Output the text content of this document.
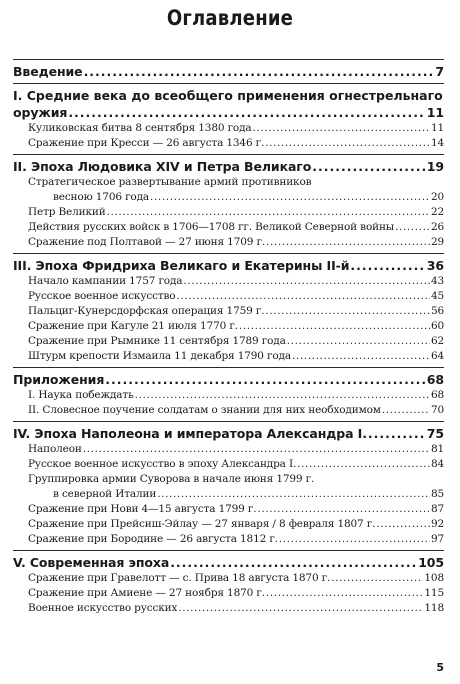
Оглавление
Введение .....	7
I. Средние века до всеобщего применения огнестрельнаго
оружия .....	11
Куликовская битва 8 сентября 1380 года .....	11
Сражение при Кресси — 26 августа 1346 г. .....	14
II. Эпоха Людовика XIV и Петра Великаго .....	19
Стратегическое развертывание армий противников
весною 1706 года .....	20
Петр Великий .....	22
Действия русских войск в 1706—1708 гг. Великой Северной войны .....	26
Сражение под Полтавой — 27 июня 1709 г. .....	29
III. Эпоха Фридриха Великаго и Екатерины II-й .....	36
Начало кампании 1757 года .....	43
Русское военное искусство .....	45
Пальциг-Кунерсдорфская операция 1759 г. .....	56
Сражение при Кагуле 21 июля 1770 г. .....	60
Сражение при Рымнике 11 сентября 1789 года .....	62
Штурм крепости Измаила 11 декабря 1790 года .....	64
Приложения .....	68
I. Наука побеждать .....	68
II. Словесное поучение солдатам о знании для них необходимом .....	70
IV. Эпоха Наполеона и императора Александра I. .....	75
Наполеон .....	81
Русское военное искусство в эпоху Александра I. .....	84
Группировка армии Суворова в начале июня 1799 г.
в северной Италии .....	85
Сражение при Нови 4—15 августа 1799 г. .....	87
Сражение при Прейсиш-Эйлау — 27 января / 8 февраля 1807 г. .....	92
Сражение при Бородине — 26 августа 1812 г. .....	97
V. Современная эпоха .....	105
Сражение при Гравелотт — с. Прива 18 августа 1870 г. .....	108
Сражение при Амиене — 27 ноября 1870 г. .....	115
Военное искусство русских .....	118
5
